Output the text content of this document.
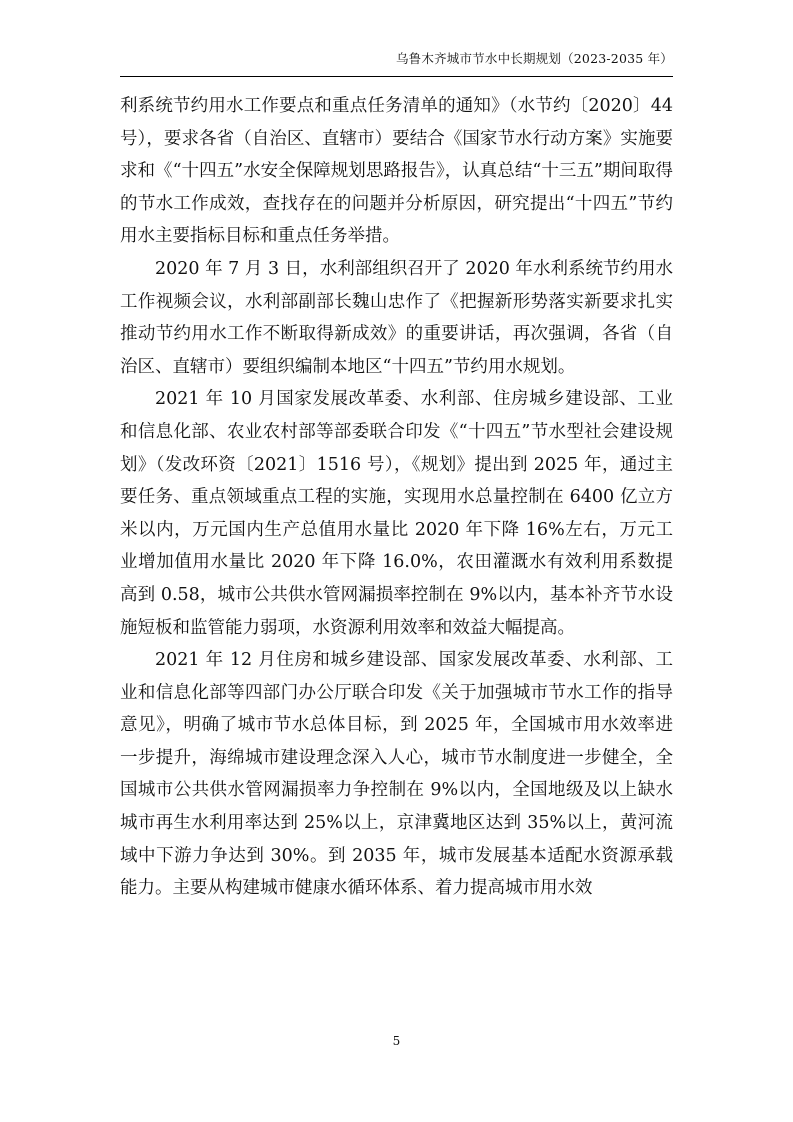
乌鲁木齐城市节水中长期规划（2023-2035 年）

利系统节约用水工作要点和重点任务清单的通知》（水节约〔2020〕44 号），要求各省（自治区、直辖市）要结合《国家节水行动方案》实施要求和《“十四五”水安全保障规划思路报告》，认真总结“十三五”期间取得的节水工作成效，查找存在的问题并分析原因，研究提出“十四五”节约用水主要指标目标和重点任务举措。

2020 年 7 月 3 日，水利部组织召开了 2020 年水利系统节约用水工作视频会议，水利部副部长魏山忠作了《把握新形势落实新要求扎实推动节约用水工作不断取得新成效》的重要讲话，再次强调，各省（自治区、直辖市）要组织编制本地区“十四五”节约用水规划。

2021 年 10 月国家发展改革委、水利部、住房城乡建设部、工业和信息化部、农业农村部等部委联合印发《“十四五”节水型社会建设规划》（发改环资〔2021〕1516 号），《规划》提出到 2025 年，通过主要任务、重点领域重点工程的实施，实现用水总量控制在 6400 亿立方米以内，万元国内生产总值用水量比 2020 年下降 16%左右，万元工业增加值用水量比 2020 年下降 16.0%，农田灌溉水有效利用系数提高到 0.58，城市公共供水管网漏损率控制在 9%以内，基本补齐节水设施短板和监管能力弱项，水资源利用效率和效益大幅提高。

2021 年 12 月住房和城乡建设部、国家发展改革委、水利部、工业和信息化部等四部门办公厅联合印发《关于加强城市节水工作的指导意见》，明确了城市节水总体目标，到 2025 年，全国城市用水效率进一步提升，海绵城市建设理念深入人心，城市节水制度进一步健全，全国城市公共供水管网漏损率力争控制在 9%以内，全国地级及以上缺水城市再生水利用率达到 25%以上，京津冀地区达到 35%以上，黄河流域中下游力争达到 30%。到 2035 年，城市发展基本适配水资源承载能力。主要从构建城市健康水循环体系、着力提高城市用水效

5
